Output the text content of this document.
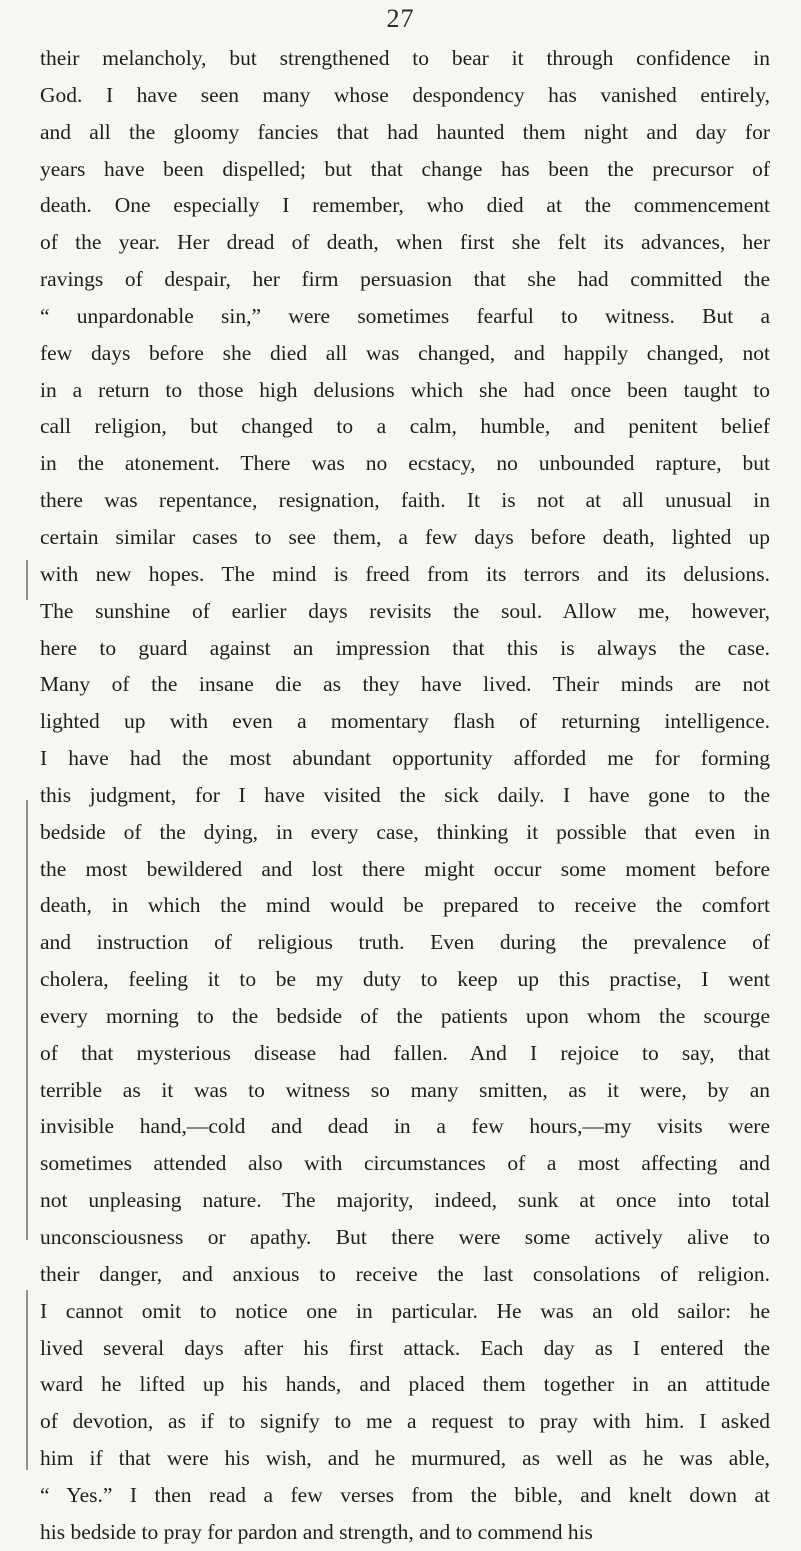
27
their melancholy, but strengthened to bear it through confidence in
God. I have seen many whose despondency has vanished entirely,
and all the gloomy fancies that had haunted them night and day for
years have been dispelled; but that change has been the precursor of
death. One especially I remember, who died at the commencement
of the year. Her dread of death, when first she felt its advances, her
ravings of despair, her firm persuasion that she had committed the
“ unpardonable sin,” were sometimes fearful to witness. But a
few days before she died all was changed, and happily changed, not
in a return to those high delusions which she had once been taught to
call religion, but changed to a calm, humble, and penitent belief
in the atonement. There was no ecstacy, no unbounded rapture, but
there was repentance, resignation, faith. It is not at all unusual in
certain similar cases to see them, a few days before death, lighted up
with new hopes. The mind is freed from its terrors and its delusions.
The sunshine of earlier days revisits the soul. Allow me, however,
here to guard against an impression that this is always the case.
Many of the insane die as they have lived. Their minds are not
lighted up with even a momentary flash of returning intelligence.
I have had the most abundant opportunity afforded me for forming
this judgment, for I have visited the sick daily. I have gone to the
bedside of the dying, in every case, thinking it possible that even in
the most bewildered and lost there might occur some moment before
death, in which the mind would be prepared to receive the comfort
and instruction of religious truth. Even during the prevalence of
cholera, feeling it to be my duty to keep up this practise, I went
every morning to the bedside of the patients upon whom the scourge
of that mysterious disease had fallen. And I rejoice to say, that
terrible as it was to witness so many smitten, as it were, by an
invisible hand,—cold and dead in a few hours,—my visits were
sometimes attended also with circumstances of a most affecting and
not unpleasing nature. The majority, indeed, sunk at once into total
unconsciousness or apathy. But there were some actively alive to
their danger, and anxious to receive the last consolations of religion.
I cannot omit to notice one in particular. He was an old sailor: he
lived several days after his first attack. Each day as I entered the
ward he lifted up his hands, and placed them together in an attitude
of devotion, as if to signify to me a request to pray with him. I asked
him if that were his wish, and he murmured, as well as he was able,
“ Yes.” I then read a few verses from the bible, and knelt down at
his bedside to pray for pardon and strength, and to commend his
